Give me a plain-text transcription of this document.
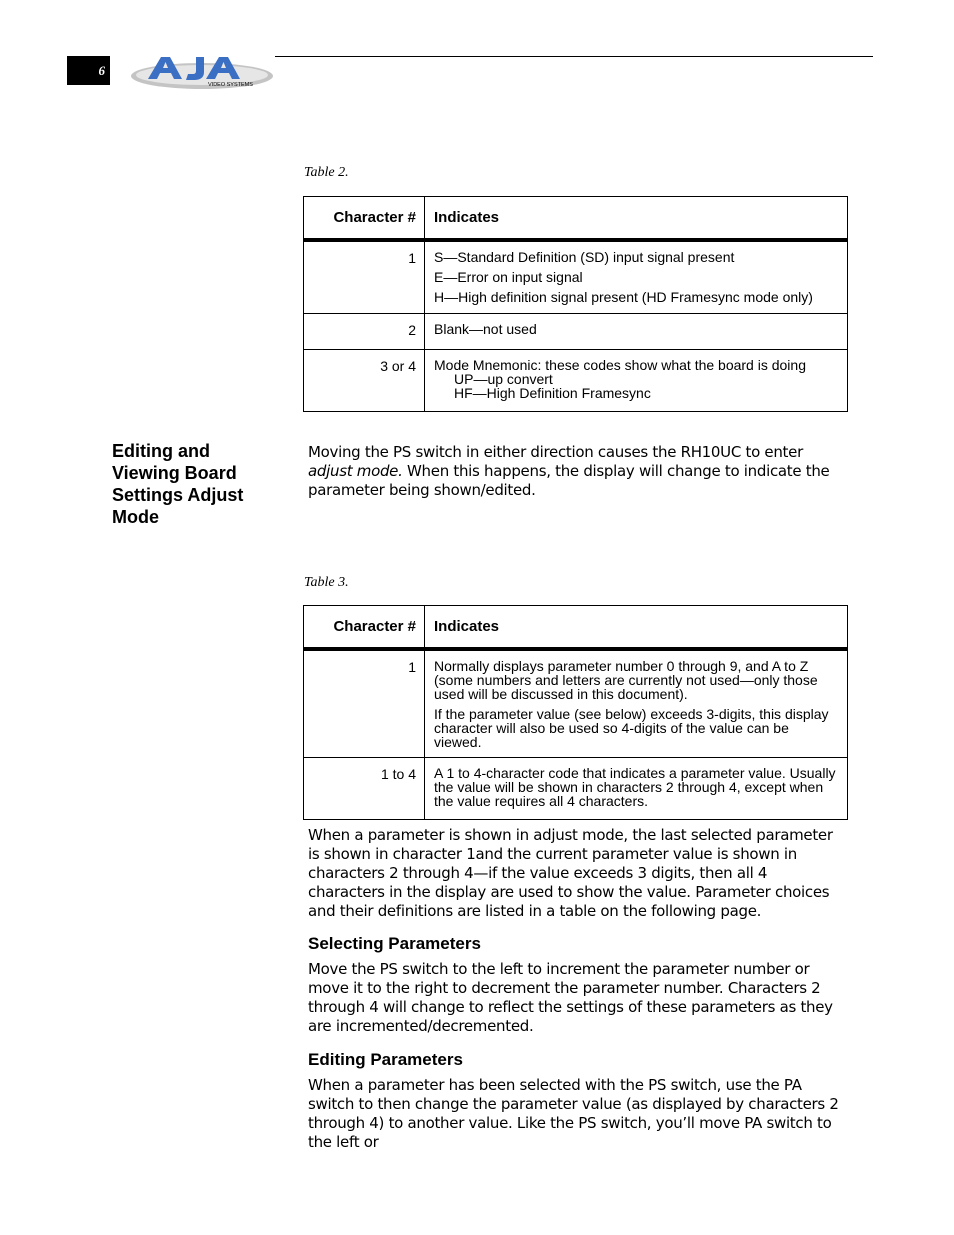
6
VIDEO SYSTEMS
Table 2.
Character #	Indicates
1	S—Standard Definition (SD) input signal present

E—Error on input signal

H—High definition signal present (HD Framesync mode only)

2	Blank—not used

3 or 4	Mode Mnemonic: these codes show what the board is doing

UP—up convert
HF—High Definition Framesync
Editing and Viewing Board Settings Adjust Mode

Moving the PS switch in either direction causes the RH10UC to enter adjust mode. When this happens, the display will change to indicate the parameter being shown/edited.

Table 3.
Character #	Indicates
1	Normally displays parameter number 0 through 9, and A to Z (some numbers and letters are currently not used—only those used will be discussed in this document).

If the parameter value (see below) exceeds 3-digits, this display character will also be used so 4-digits of the value can be viewed.

1 to 4	A 1 to 4-character code that indicates a parameter value. Usually the value will be shown in characters 2 through 4, except when the value requires all 4 characters.

When a parameter is shown in adjust mode, the last selected parameter is shown in character 1and the current parameter value is shown in characters 2 through 4—if the value exceeds 3 digits, then all 4 characters in the display are used to show the value. Parameter choices and their definitions are listed in a table on the following page.

Selecting Parameters

Move the PS switch to the left to increment the parameter number or move it to the right to decrement the parameter number. Characters 2 through 4 will change to reflect the settings of these parameters as they are incremented/decremented.

Editing Parameters

When a parameter has been selected with the PS switch, use the PA switch to then change the parameter value (as displayed by characters 2 through 4) to another value. Like the PS switch, you’ll move PA switch to the left or
